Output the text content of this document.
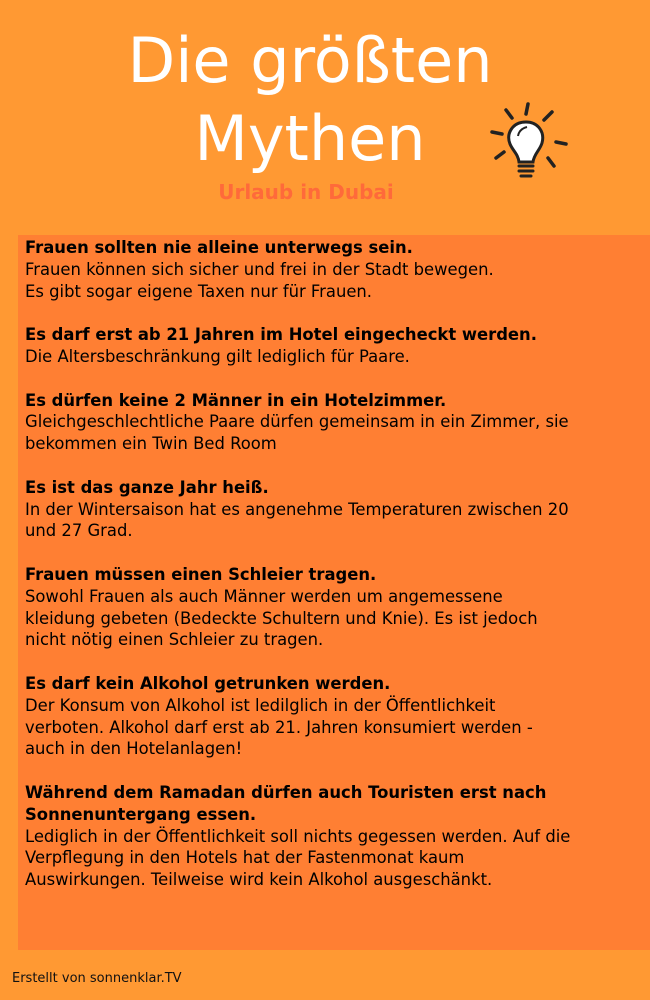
Die größten
Mythen
Urlaub in Dubai
Frauen sollten nie alleine unterwegs sein.
Frauen können sich sicher und frei in der Stadt bewegen.
Es gibt sogar eigene Taxen nur für Frauen.
Es darf erst ab 21 Jahren im Hotel eingecheckt werden.
Die Altersbeschränkung gilt lediglich für Paare.
Es dürfen keine 2 Männer in ein Hotelzimmer.
Gleichgeschlechtliche Paare dürfen gemeinsam in ein Zimmer, sie
bekommen ein Twin Bed Room
Es ist das ganze Jahr heiß.
In der Wintersaison hat es angenehme Temperaturen zwischen 20
und 27 Grad.
Frauen müssen einen Schleier tragen.
Sowohl Frauen als auch Männer werden um angemessene
kleidung gebeten (Bedeckte Schultern und Knie). Es ist jedoch
nicht nötig einen Schleier zu tragen.
Es darf kein Alkohol getrunken werden.
Der Konsum von Alkohol ist ledilglich in der Öffentlichkeit
verboten. Alkohol darf erst ab 21. Jahren konsumiert werden -
auch in den Hotelanlagen!
Während dem Ramadan dürfen auch Touristen erst nach Sonnenuntergang essen.
Lediglich in der Öffentlichkeit soll nichts gegessen werden. Auf die
Verpflegung in den Hotels hat der Fastenmonat kaum
Auswirkungen. Teilweise wird kein Alkohol ausgeschänkt.
Erstellt von sonnenklar.TV
